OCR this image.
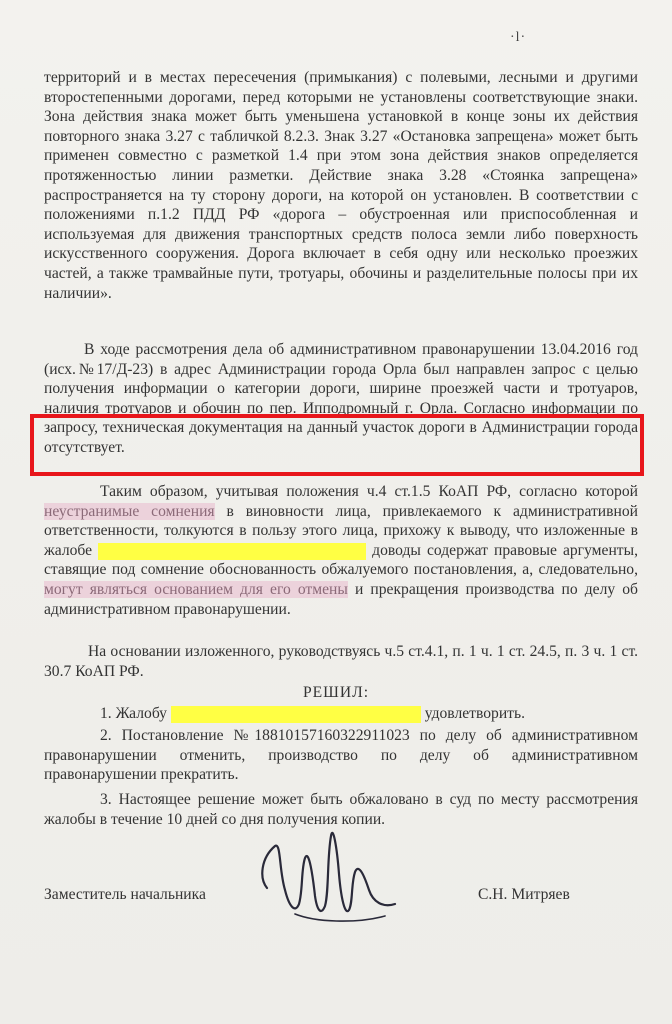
·l·
территорий и в местах пересечения (примыкания) с полевыми, лесными и другими второстепенными дорогами, перед которыми не установлены соответствующие знаки. Зона действия знака может быть уменьшена установкой в конце зоны их действия повторного знака 3.27 с табличкой 8.2.3. Знак 3.27 «Остановка запрещена» может быть применен совместно с разметкой 1.4 при этом зона действия знаков определяется протяженностью линии разметки. Действие знака 3.28 «Стоянка запрещена» распространяется на ту сторону дороги, на которой он установлен. В соответствии с положениями п.1.2 ПДД РФ «дорога – обустроенная или приспособленная и используемая для движения транспортных средств полоса земли либо поверхность искусственного сооружения. Дорога включает в себя одну или несколько проезжих частей, а также трамвайные пути, тротуары, обочины и разделительные полосы при их наличии».
В ходе рассмотрения дела об административном правонарушении 13.04.2016 год (исх.№17/Д-23) в адрес Администрации города Орла был направлен запрос с целью получения информации о категории дороги, ширине проезжей части и тротуаров, наличия тротуаров и обочин по пер. Ипподромный г. Орла. Согласно информации по запросу, техническая документация на данный участок дороги в Администрации города отсутствует.
Таким образом, учитывая положения ч.4 ст.1.5 КоАП РФ, согласно которой неустранимые сомнения в виновности лица, привлекаемого к административной ответственности, толкуются в пользу этого лица, прихожу к выводу, что изложенные в жалобе	доводы содержат правовые аргументы, ставящие под сомнение обоснованность обжалуемого постановления, а, следовательно, могут являться основанием для его отмены и прекращения производства по делу об административном правонарушении.
На основании изложенного, руководствуясь ч.5 ст.4.1, п. 1 ч. 1 ст. 24.5, п. 3 ч. 1 ст. 30.7 КоАП РФ.
РЕШИЛ:
1. Жалобу	удовлетворить.
2. Постановление №18810157160322911023 по делу об административном правонарушении отменить, производство по делу об административном правонарушении прекратить.
3. Настоящее решение может быть обжаловано в суд по месту рассмотрения жалобы в течение 10 дней со дня получения копии.
Заместитель начальника	С.Н. Митряев
